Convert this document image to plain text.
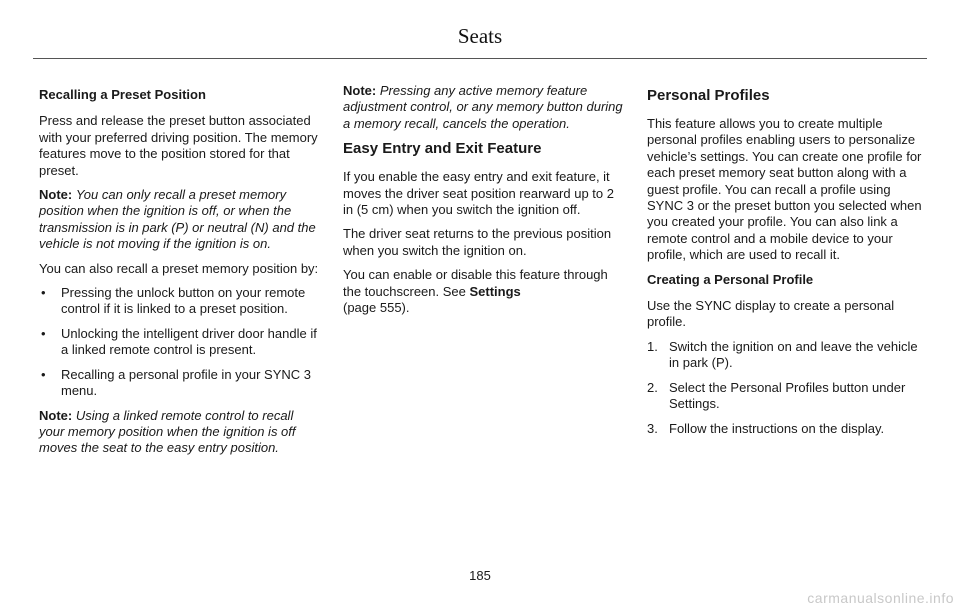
Seats

Recalling a Preset Position

Press and release the preset button associated with your preferred driving position. The memory features move to the position stored for that preset.

Note: You can only recall a preset memory position when the ignition is off, or when the transmission is in park (P) or neutral (N) and the vehicle is not moving if the ignition is on.

You can also recall a preset memory position by:

• Pressing the unlock button on your remote control if it is linked to a preset position.
• Unlocking the intelligent driver door handle if a linked remote control is present.
• Recalling a personal profile in your SYNC 3 menu.

Note: Using a linked remote control to recall your memory position when the ignition is off moves the seat to the easy entry position.

Note: Pressing any active memory feature adjustment control, or any memory button during a memory recall, cancels the operation.

Easy Entry and Exit Feature

If you enable the easy entry and exit feature, it moves the driver seat position rearward up to 2 in (5 cm) when you switch the ignition off.

The driver seat returns to the previous position when you switch the ignition on.

You can enable or disable this feature through the touchscreen. See Settings
(page 555).

Personal Profiles

This feature allows you to create multiple personal profiles enabling users to personalize vehicle’s settings. You can create one profile for each preset memory seat button along with a guest profile. You can recall a profile using SYNC 3 or the preset button you selected when you created your profile. You can also link a remote control and a mobile device to your profile, which are used to recall it.

Creating a Personal Profile

Use the SYNC display to create a personal profile.

1. Switch the ignition on and leave the vehicle in park (P).
2. Select the Personal Profiles button under Settings.
3. Follow the instructions on the display.
185
carmanualsonline.info
